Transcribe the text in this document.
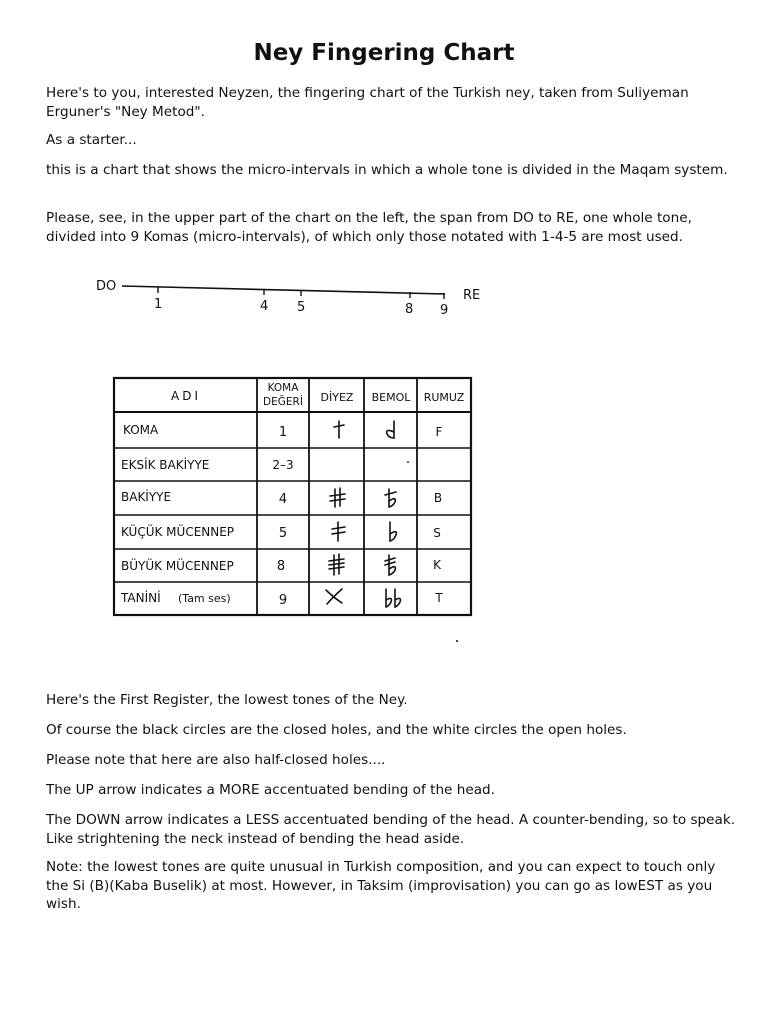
Ney Fingering Chart

Here's to you, interested Neyzen, the fingering chart of the Turkish ney, taken from Suliyeman Erguner's "Ney Metod".

As a starter...

this is a chart that shows the micro-intervals in which a whole tone is divided in the Maqam system.

Please, see, in the upper part of the chart on the left, the span from DO to RE, one whole tone, divided into 9 Komas (micro-intervals), of which only those notated with 1-4-5 are most used.

DO
RE
1	4 5	8 9
ADI
KOMA
DEĞERİ DİYEZ BEMOL RUMUZ
KOMA
EKSİK BAKİYYE
BAKİYYE
KÜÇÜK MÜCENNEP
BÜYÜK MÜCENNEP
TANİNİ (Tam ses)
1
2–3
4
5
8
9
F
B
S
K
T

Here's the First Register, the lowest tones of the Ney.

Of course the black circles are the closed holes, and the white circles the open holes.

Please note that here are also half-closed holes....

The UP arrow indicates a MORE accentuated bending of the head.

The DOWN arrow indicates a LESS accentuated bending of the head. A counter-bending, so to speak. Like strightening the neck instead of bending the head aside.

Note: the lowest tones are quite unusual in Turkish composition, and you can expect to touch only the Si (B)(Kaba Buselik) at most. However, in Taksim (improvisation) you can go as lowEST as you wish.
